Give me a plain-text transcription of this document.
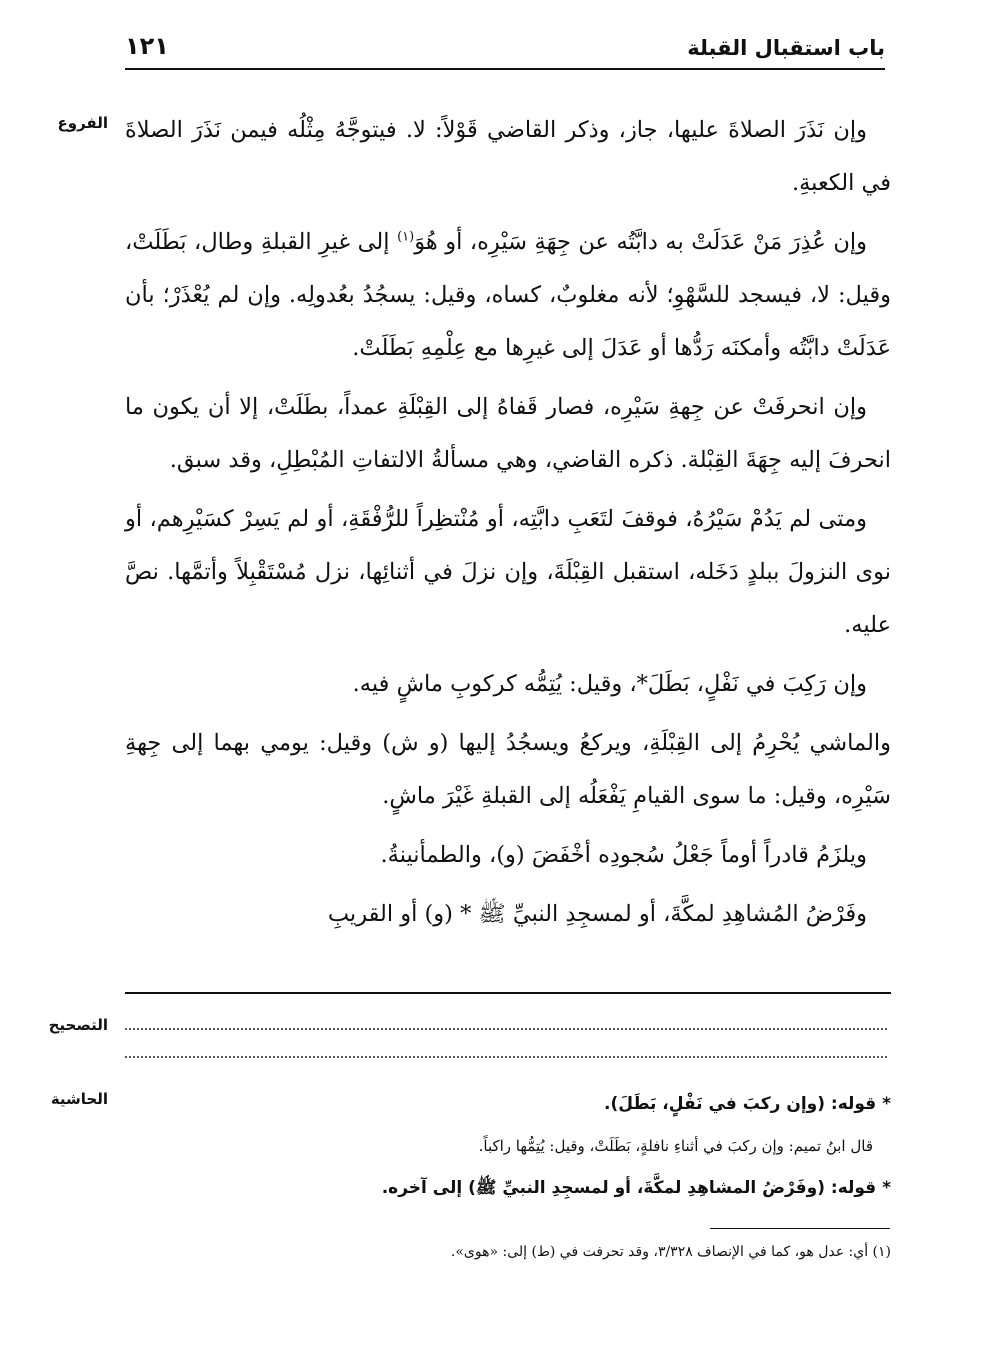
باب استقبال القبلة
١٢١
الفروع
التصحيح
الحاشية

وإن نَذَرَ الصلاةَ عليها، جاز، وذكر القاضي قَوْلاً: لا. فيتوجَّهُ مِثْلُه فيمن نَذَرَ الصلاةَ في الكعبةِ.

وإن عُذِرَ مَنْ عَدَلَتْ به دابَّتُه عن جِهَةِ سَيْرِه، أو هُوَ$^{(١)}$ إلى غيرِ القبلةِ وطال، بَطَلَتْ، وقيل: لا، فيسجد للسَّهْوِ؛ لأنه مغلوبٌ، كساه، وقيل: يسجُدُ بعُدولِه. وإن لم يُعْذَرْ؛ بأن عَدَلَتْ دابَّتُه وأمكنَه رَدُّها أو عَدَلَ إلى غيرِها مع عِلْمِهِ بَطَلَتْ.

وإن انحرفَتْ عن جِهةِ سَيْرِه، فصار قَفاهُ إلى القِبْلَةِ عمداً، بطَلَتْ، إلا أن يكون ما انحرفَ إليه جِهَةَ القِبْلة. ذكره القاضي، وهي مسألةُ الالتفاتِ المُبْطِلِ، وقد سبق.

ومتى لم يَدُمْ سَيْرُهُ، فوقفَ لتَعَبِ دابَّتِه، أو مُنْتظِراً للرُّفْقَةِ، أو لم يَسِرْ كسَيْرِهم، أو نوى النزولَ ببلدٍ دَخَله، استقبل القِبْلَةَ، وإن نزلَ في أثنائِها، نزل مُسْتَقْبِلاً وأتمَّها. نصَّ عليه.

وإن رَكِبَ في نَفْلٍ، بَطَلَ*، وقيل: يُتِمُّه كركوبِ ماشٍ فيه.

والماشي يُحْرِمُ إلى القِبْلَةِ، ويركعُ ويسجُدُ إليها (و ش) وقيل: يومي بهما إلى جِهةِ سَيْرِه، وقيل: ما سوى القيامِ يَفْعَلُه إلى القبلةِ غَيْرَ ماشٍ.

ويلزَمُ قادراً أوماً جَعْلُ سُجودِه أخْفَضَ (و)، والطمأنينةُ.

وفَرْضُ المُشاهِدِ لمكَّةَ، أو لمسجِدِ النبيِّ ﷺ * (و) أو القريبِ

* قوله: (وإن ركبَ في نَفْلٍ، بَطَلَ).
قال ابنُ تميم: وإن ركبَ في أثناءِ نافلةٍ، بَطَلَتْ، وقيل: يُتِمُّها راكباً.
* قوله: (وفَرْضُ المشاهِدِ لمكَّةَ، أو لمسجِدِ النبيِّ ﷺ) إلى آخره.
(١) أي: عدل هو، كما في الإنصاف ٣/٣٢٨، وقد تحرفت في (ط) إلى: «هوى».
